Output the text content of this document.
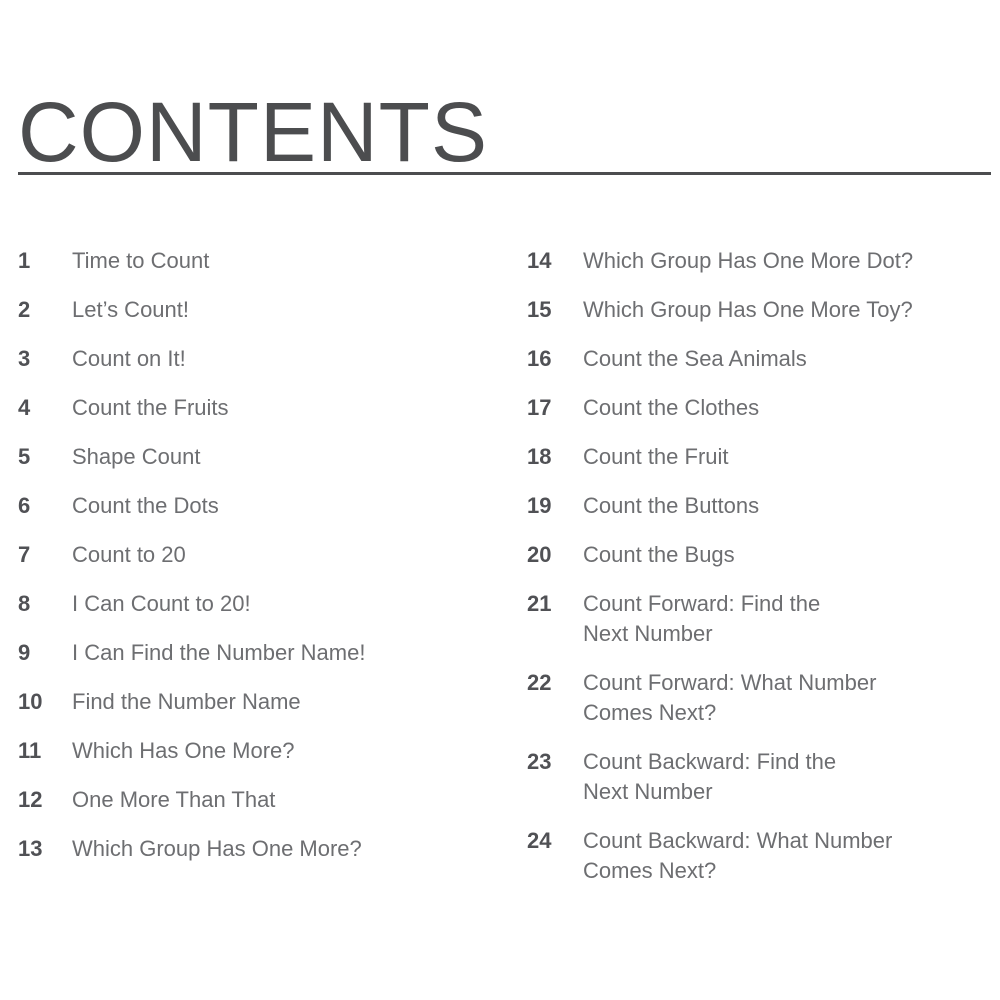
CONTENTS
1	Time to Count
2	Let’s Count!
3	Count on It!
4	Count the Fruits
5	Shape Count
6	Count the Dots
7	Count to 20
8	I Can Count to 20!
9	I Can Find the Number Name!
10	Find the Number Name
11	Which Has One More?
12	One More Than That
13	Which Group Has One More?
14	Which Group Has One More Dot?
15	Which Group Has One More Toy?
16	Count the Sea Animals
17	Count the Clothes
18	Count the Fruit
19	Count the Buttons
20	Count the Bugs
21	Count Forward: Find the
Next Number
22	Count Forward: What Number
Comes Next?
23	Count Backward: Find the
Next Number
24	Count Backward: What Number
Comes Next?
